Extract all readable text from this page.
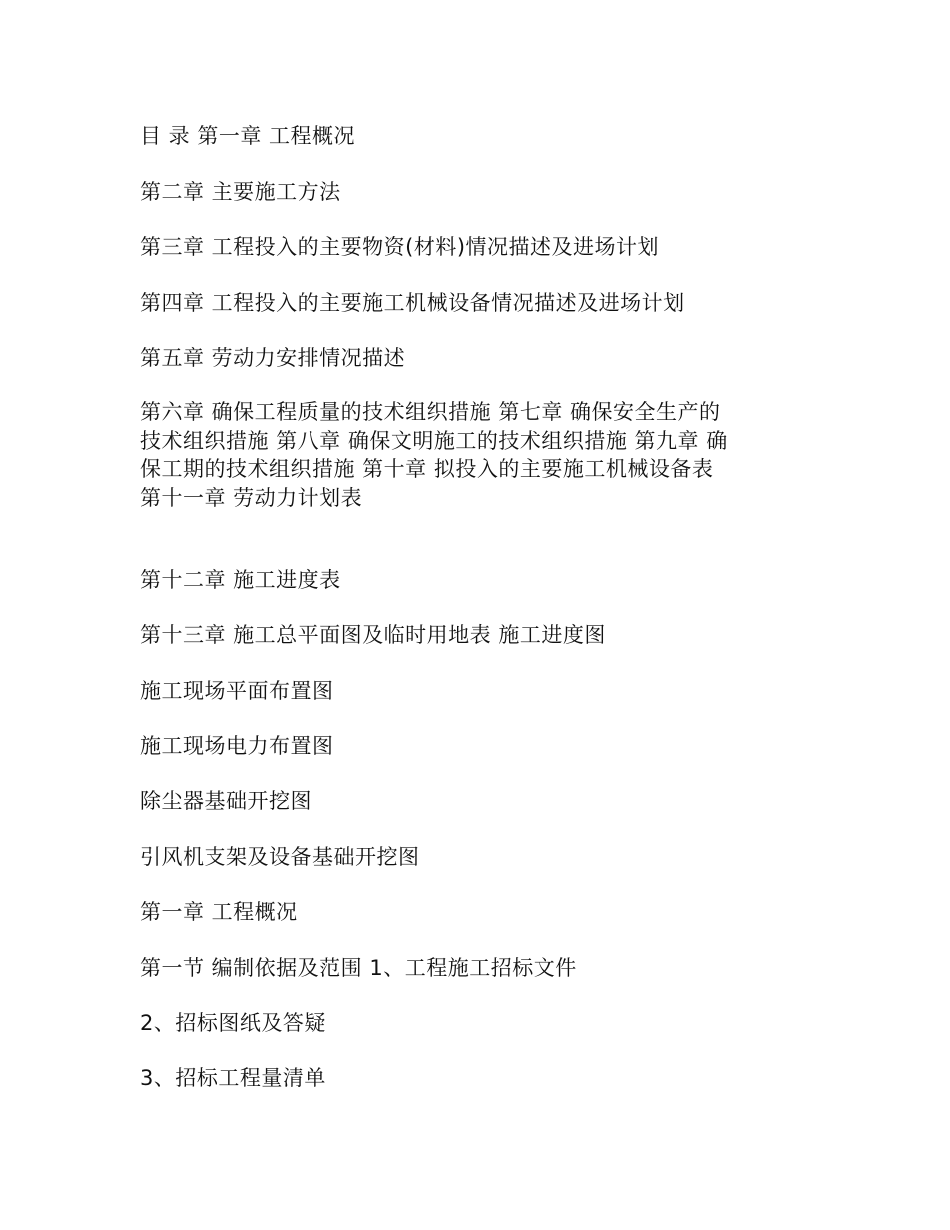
目 录 第一章 工程概况
第二章 主要施工方法
第三章 工程投入的主要物资(材料)情况描述及进场计划
第四章 工程投入的主要施工机械设备情况描述及进场计划
第五章 劳动力安排情况描述
第六章 确保工程质量的技术组织措施 第七章 确保安全生产的
技术组织措施 第八章 确保文明施工的技术组织措施 第九章 确
保工期的技术组织措施 第十章 拟投入的主要施工机械设备表
第十一章 劳动力计划表
第十二章 施工进度表
第十三章 施工总平面图及临时用地表 施工进度图
施工现场平面布置图
施工现场电力布置图
除尘器基础开挖图
引风机支架及设备基础开挖图
第一章 工程概况
第一节 编制依据及范围 1、工程施工招标文件
2、招标图纸及答疑
3、招标工程量清单
